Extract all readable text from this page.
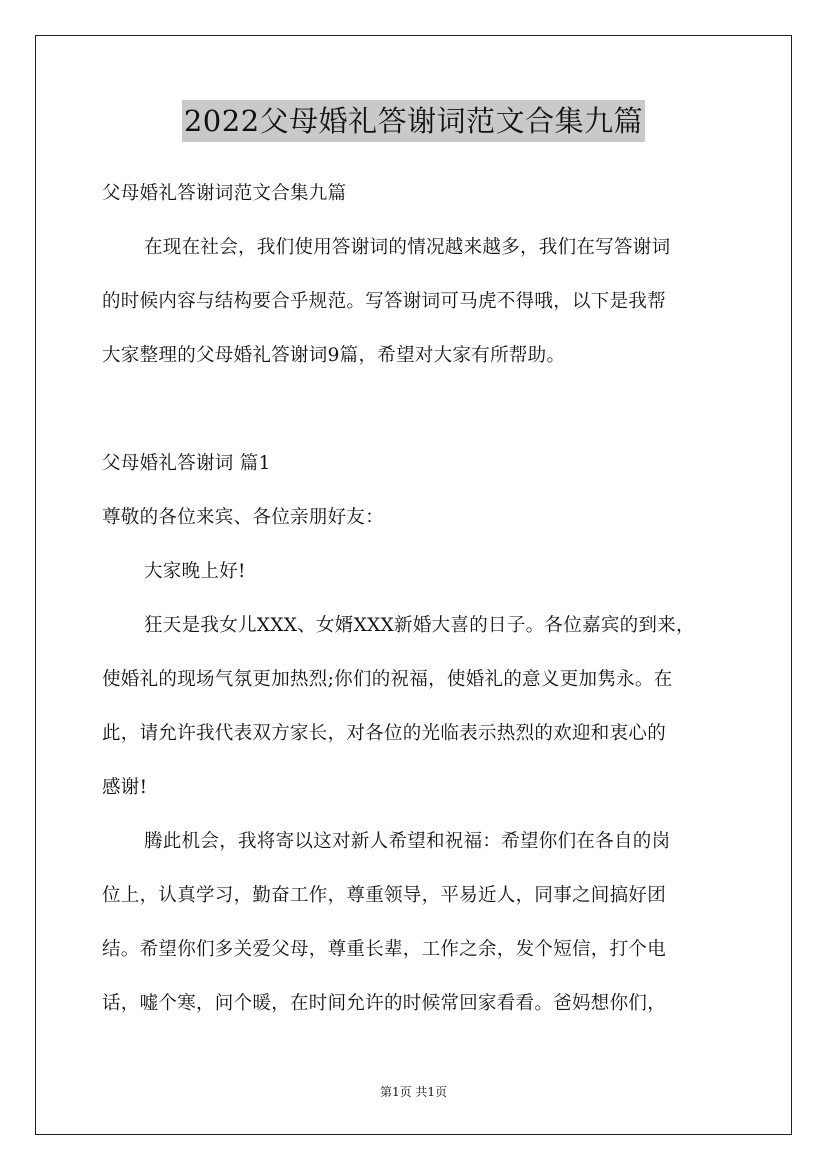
2022父母婚礼答谢词范文合集九篇
父母婚礼答谢词范文合集九篇
在现在社会，我们使用答谢词的情况越来越多，我们在写答谢词
的时候内容与结构要合乎规范。写答谢词可马虎不得哦，以下是我帮
大家整理的父母婚礼答谢词9篇，希望对大家有所帮助。
父母婚礼答谢词 篇1
尊敬的各位来宾、各位亲朋好友：
大家晚上好!
狂天是我女儿XXX、女婿XXX新婚大喜的日子。各位嘉宾的到来，
使婚礼的现场气氛更加热烈;你们的祝福，使婚礼的意义更加隽永。在
此，请允许我代表双方家长，对各位的光临表示热烈的欢迎和衷心的
感谢!
腾此机会，我将寄以这对新人希望和祝福：希望你们在各自的岗
位上，认真学习，勤奋工作，尊重领导，平易近人，同事之间搞好团
结。希望你们多关爱父母，尊重长辈，工作之余，发个短信，打个电
话，嘘个寒，问个暖，在时间允许的时候常回家看看。爸妈想你们，
第1页 共1页
